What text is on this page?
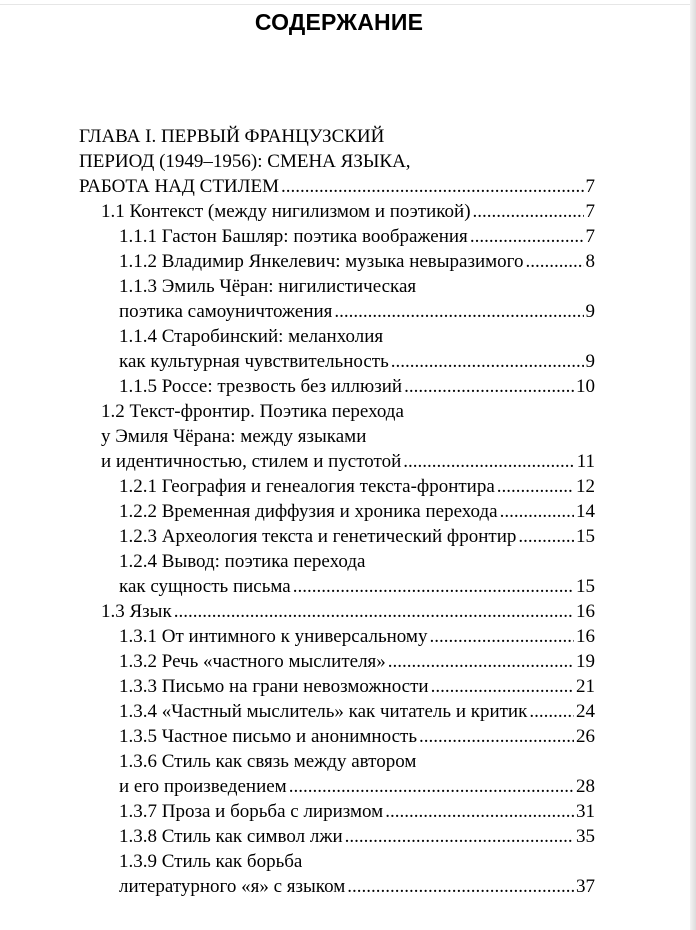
СОДЕРЖАНИЕ
ГЛАВА I. ПЕРВЫЙ ФРАНЦУЗСКИЙ
ПЕРИОД (1949–1956): СМЕНА ЯЗЫКА,
РАБОТА НАД СТИЛЕМ .....	7
1.1 Контекст (между нигилизмом и поэтикой) .....	7
1.1.1 Гастон Башляр: поэтика воображения .....	7
1.1.2 Владимир Янкелевич: музыка невыразимого .....	8
1.1.3 Эмиль Чёран: нигилистическая
поэтика самоуничтожения .....	9
1.1.4 Старобинский: меланхолия
как культурная чувствительность .....	9
1.1.5 Россе: трезвость без иллюзий .....	10
1.2 Текст-фронтир. Поэтика перехода
у Эмиля Чёрана: между языками
и идентичностью, стилем и пустотой .....	11
1.2.1 География и генеалогия текста-фронтира .....	12
1.2.2 Временная диффузия и хроника перехода .....	14
1.2.3 Археология текста и генетический фронтир .....	15
1.2.4 Вывод: поэтика перехода
как сущность письма .....	15
1.3 Язык .....	16
1.3.1 От интимного к универсальному .....	16
1.3.2 Речь «частного мыслителя» .....	19
1.3.3 Письмо на грани невозможности .....	21
1.3.4 «Частный мыслитель» как читатель и критик .....	24
1.3.5 Частное письмо и анонимность .....	26
1.3.6 Стиль как связь между автором
и его произведением .....	28
1.3.7 Проза и борьба с лиризмом .....	31
1.3.8 Стиль как символ лжи .....	35
1.3.9 Стиль как борьба
литературного «я» с языком .....	37
